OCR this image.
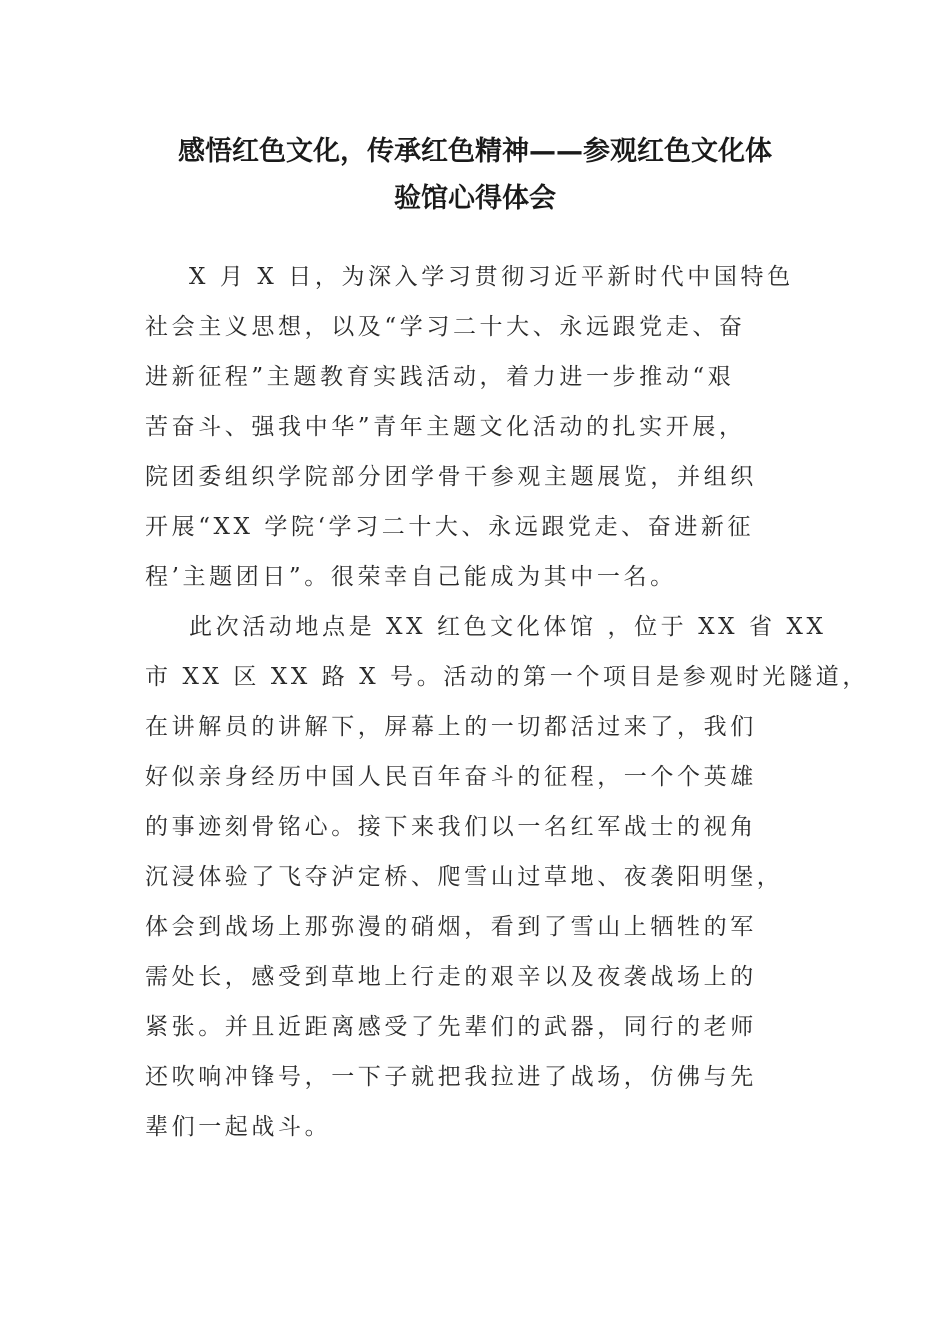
感悟红色文化，传承红色精神——参观红色文化体
验馆心得体会
X 月 X 日，为深入学习贯彻习近平新时代中国特色
社会主义思想，以及“学习二十大、永远跟党走、奋
进新征程”主题教育实践活动，着力进一步推动“艰
苦奋斗、强我中华”青年主题文化活动的扎实开展，
院团委组织学院部分团学骨干参观主题展览，并组织
开展“XX 学院‘学习二十大、永远跟党走、奋进新征
程’主题团日”。很荣幸自己能成为其中一名。
此次活动地点是 XX 红色文化体馆 ，位于 XX 省 XX
市 XX 区 XX 路 X 号。活动的第一个项目是参观时光隧道，
在讲解员的讲解下，屏幕上的一切都活过来了，我们
好似亲身经历中国人民百年奋斗的征程，一个个英雄
的事迹刻骨铭心。接下来我们以一名红军战士的视角
沉浸体验了飞夺泸定桥、爬雪山过草地、夜袭阳明堡，
体会到战场上那弥漫的硝烟，看到了雪山上牺牲的军
需处长，感受到草地上行走的艰辛以及夜袭战场上的
紧张。并且近距离感受了先辈们的武器，同行的老师
还吹响冲锋号，一下子就把我拉进了战场，仿佛与先
辈们一起战斗。
